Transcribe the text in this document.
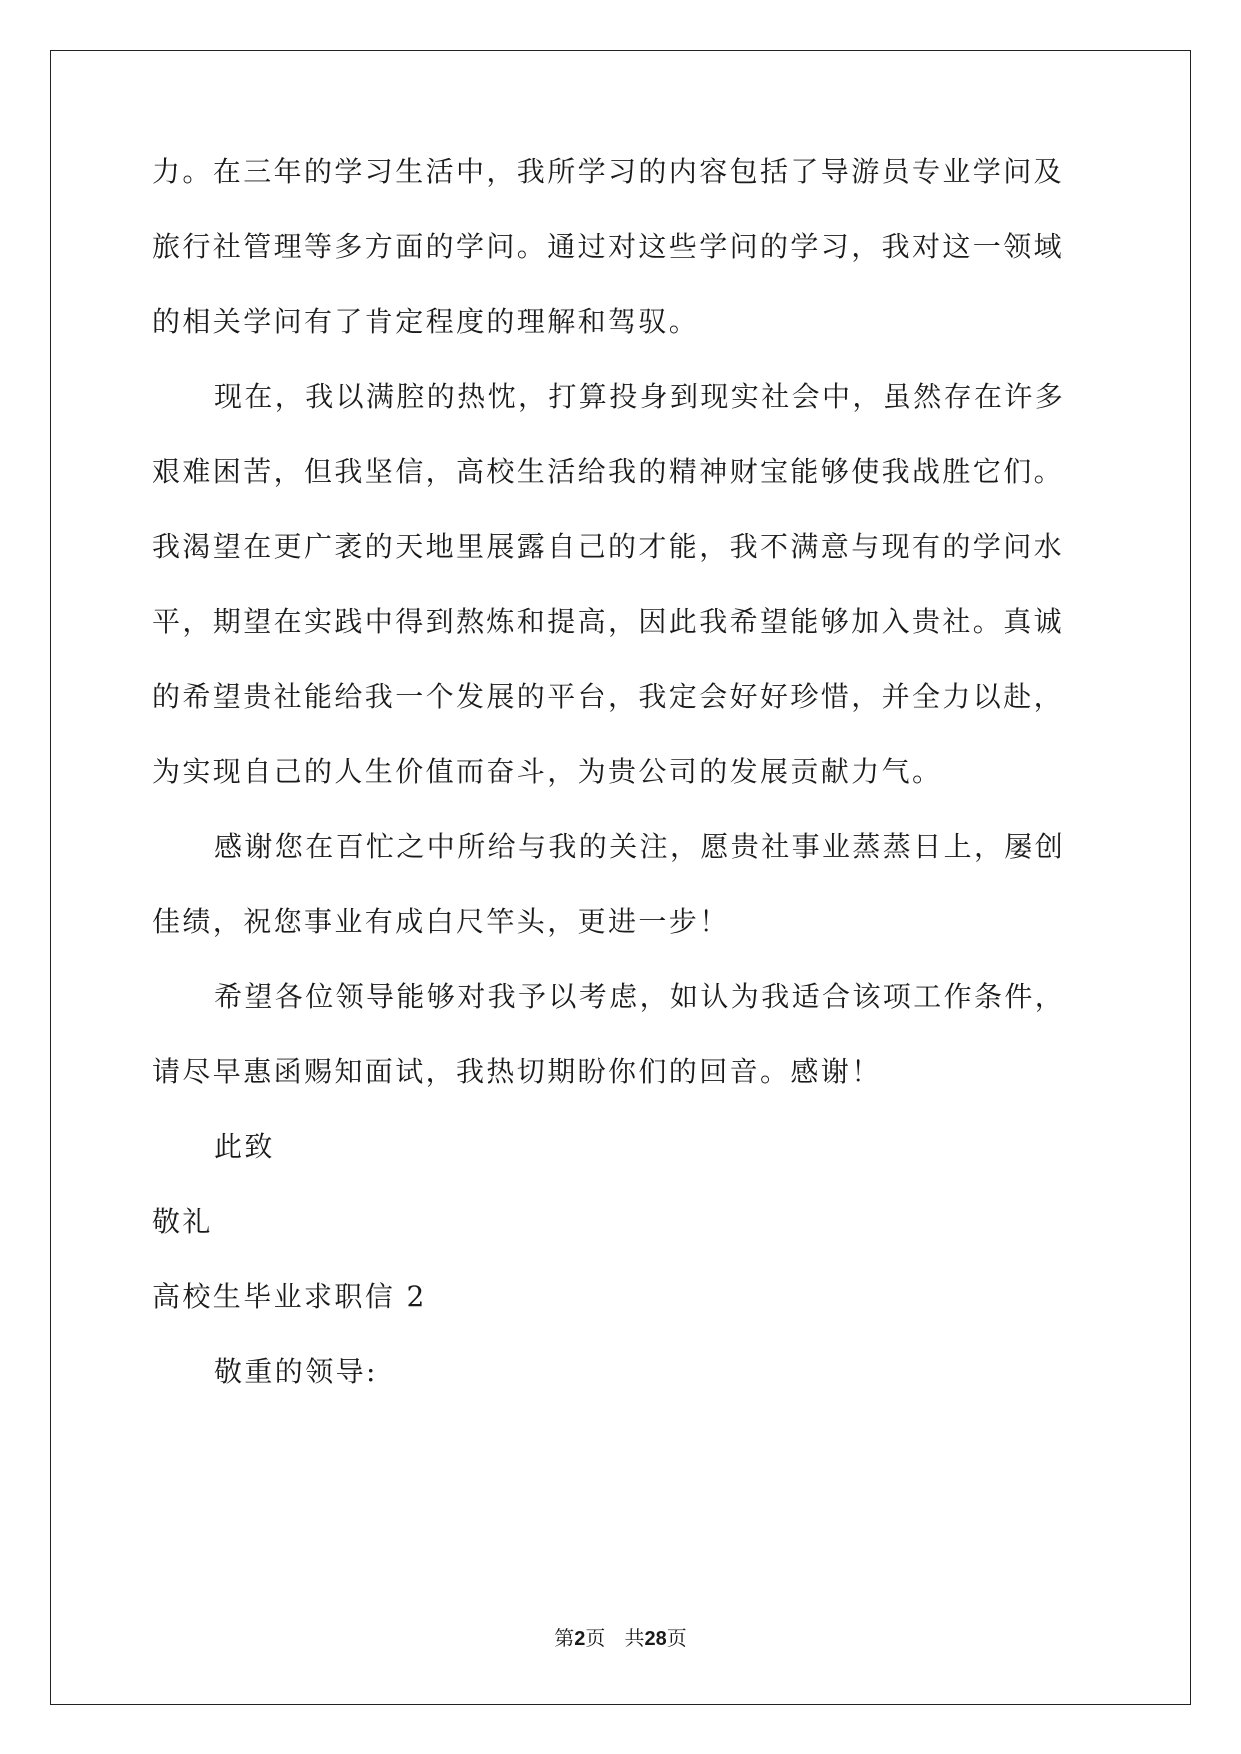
力。在三年的学习生活中，我所学习的内容包括了导游员专业学问及
旅行社管理等多方面的学问。通过对这些学问的学习，我对这一领域
的相关学问有了肯定程度的理解和驾驭。
现在，我以满腔的热忱，打算投身到现实社会中，虽然存在许多
艰难困苦，但我坚信，高校生活给我的精神财宝能够使我战胜它们。
我渴望在更广袤的天地里展露自己的才能，我不满意与现有的学问水
平，期望在实践中得到熬炼和提高，因此我希望能够加入贵社。真诚
的希望贵社能给我一个发展的平台，我定会好好珍惜，并全力以赴，
为实现自己的人生价值而奋斗，为贵公司的发展贡献力气。
感谢您在百忙之中所给与我的关注，愿贵社事业蒸蒸日上，屡创
佳绩，祝您事业有成白尺竿头，更进一步！
希望各位领导能够对我予以考虑，如认为我适合该项工作条件，
请尽早惠函赐知面试，我热切期盼你们的回音。感谢！
此致
敬礼
高校生毕业求职信 2
敬重的领导:
第2页 共28页
